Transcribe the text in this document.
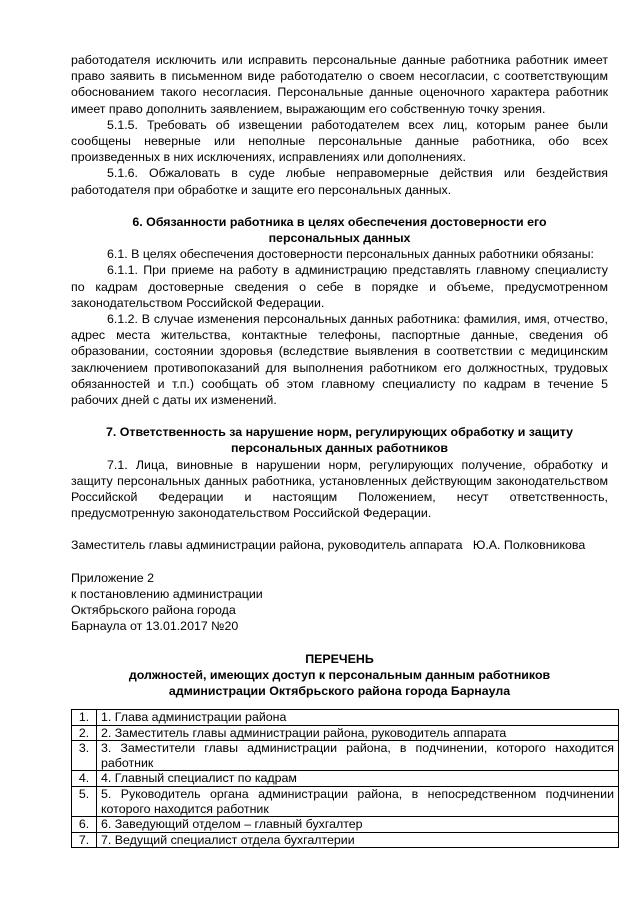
работодателя исключить или исправить персональные данные работника работник имеет право заявить в письменном виде работодателю о своем несогласии, с соответствующим обоснованием такого несогласия. Персональные данные оценочного характера работник имеет право дополнить заявлением, выражающим его собственную точку зрения.

5.1.5. Требовать об извещении работодателем всех лиц, которым ранее были сообщены неверные или неполные персональные данные работника, обо всех произведенных в них исключениях, исправлениях или дополнениях.

5.1.6. Обжаловать в суде любые неправомерные действия или бездействия работодателя при обработке и защите его персональных данных.

6. Обязанности работника в целях обеспечения достоверности его

персональных данных

6.1. В целях обеспечения достоверности персональных данных работники обязаны:

6.1.1. При приеме на работу в администрацию представлять главному специалисту по кадрам достоверные сведения о себе в порядке и объеме, предусмотренном законодательством Российской Федерации.

6.1.2. В случае изменения персональных данных работника: фамилия, имя, отчество, адрес места жительства, контактные телефоны, паспортные данные, сведения об образовании, состоянии здоровья (вследствие выявления в соответствии с медицинским заключением противопоказаний для выполнения работником его должностных, трудовых обязанностей и т.п.) сообщать об этом главному специалисту по кадрам в течение 5 рабочих дней с даты их изменений.

7. Ответственность за нарушение норм, регулирующих обработку и защиту

персональных данных работников

7.1. Лица, виновные в нарушении норм, регулирующих получение, обработку и защиту персональных данных работника, установленных действующим законодательством Российской Федерации и настоящим Положением, несут ответственность, предусмотренную законодательством Российской Федерации.

Заместитель главы администрации района, руководитель аппарата Ю.А. Полковникова

Приложение 2

к постановлению администрации

Октябрьского района города

Барнаула от 13.01.2017 №20

ПЕРЕЧЕНЬ

должностей, имеющих доступ к персональным данным работников

администрации Октябрьского района города Барнаула

1.	1. Глава администрации района
2.	2. Заместитель главы администрации района, руководитель аппарата
3.	3. Заместители главы администрации района, в подчинении, которого находится работник
4.	4. Главный специалист по кадрам
5.	5. Руководитель органа администрации района, в непосредственном подчинении которого находится работник
6.	6. Заведующий отделом – главный бухгалтер
7.	7. Ведущий специалист отдела бухгалтерии
